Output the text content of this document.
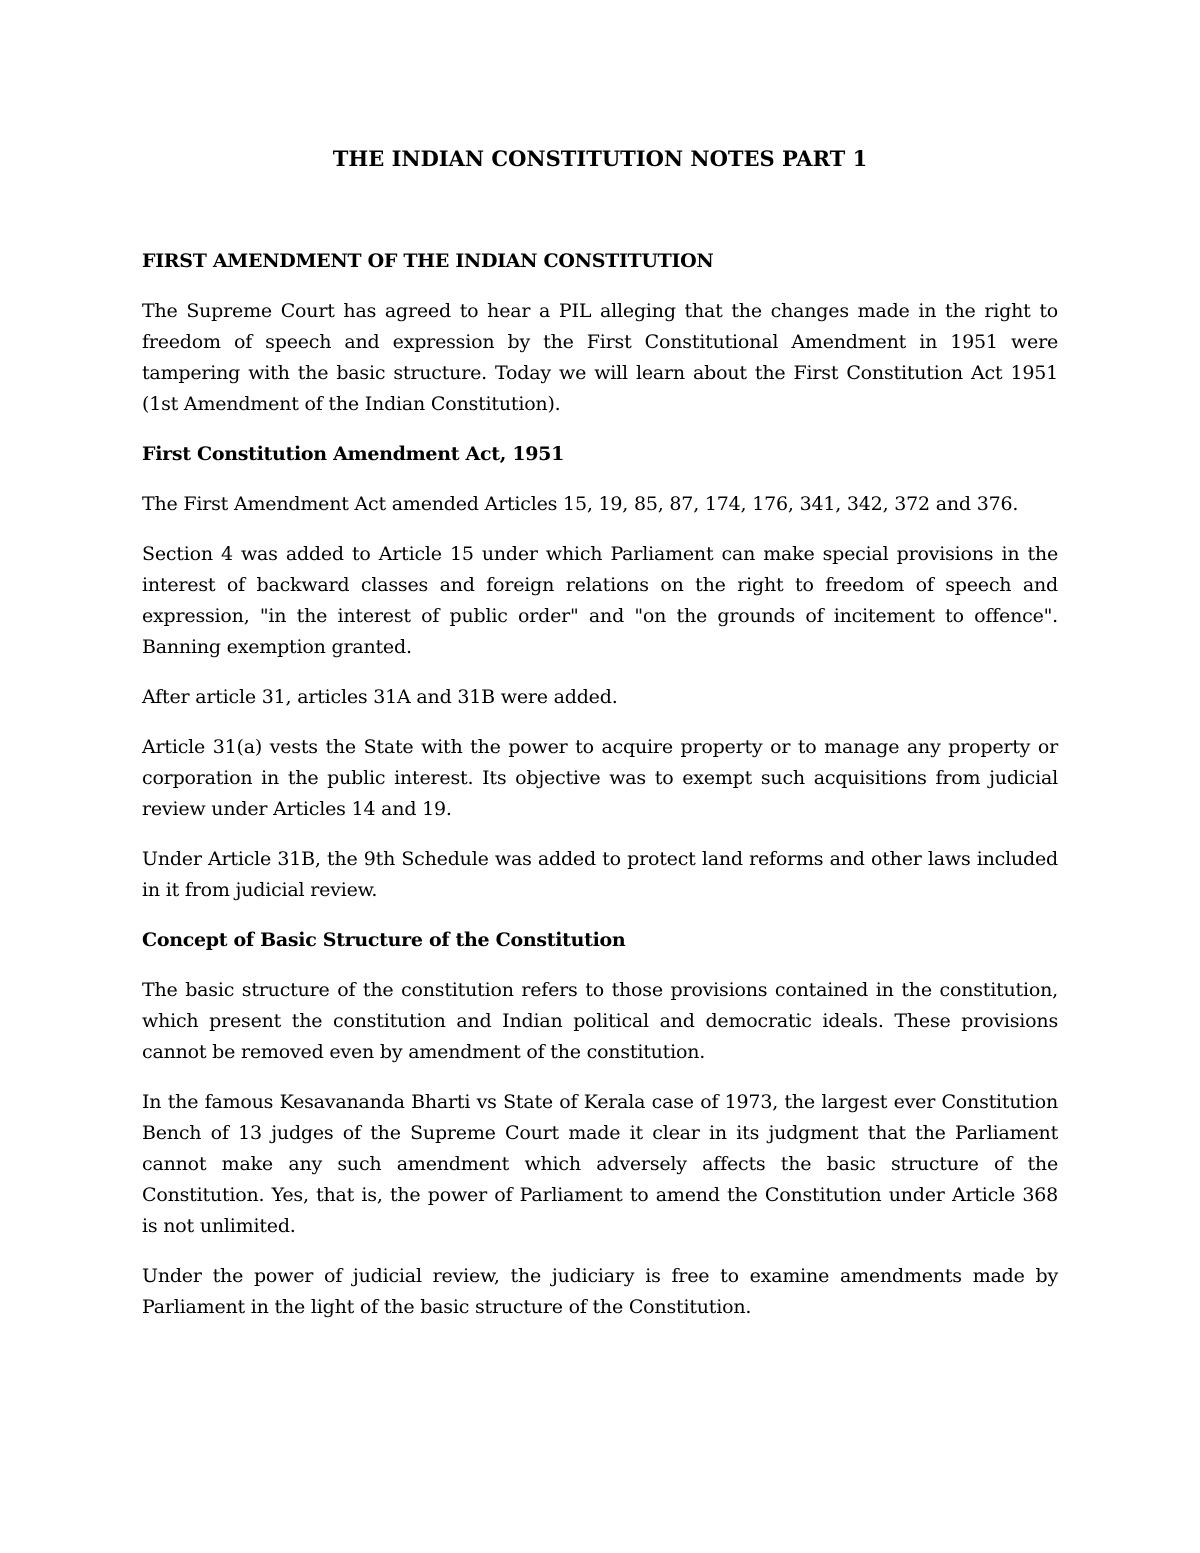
THE INDIAN CONSTITUTION NOTES PART 1

FIRST AMENDMENT OF THE INDIAN CONSTITUTION

The Supreme Court has agreed to hear a PIL alleging that the changes made in the right to freedom of speech and expression by the First Constitutional Amendment in 1951 were tampering with the basic structure. Today we will learn about the First Constitution Act 1951 (1st Amendment of the Indian Constitution).

First Constitution Amendment Act, 1951

The First Amendment Act amended Articles 15, 19, 85, 87, 174, 176, 341, 342, 372 and 376.

Section 4 was added to Article 15 under which Parliament can make special provisions in the interest of backward classes and foreign relations on the right to freedom of speech and expression, "in the interest of public order" and "on the grounds of incitement to offence". Banning exemption granted.

After article 31, articles 31A and 31B were added.

Article 31(a) vests the State with the power to acquire property or to manage any property or corporation in the public interest. Its objective was to exempt such acquisitions from judicial review under Articles 14 and 19.

Under Article 31B, the 9th Schedule was added to protect land reforms and other laws included in it from judicial review.

Concept of Basic Structure of the Constitution

The basic structure of the constitution refers to those provisions contained in the constitution, which present the constitution and Indian political and democratic ideals. These provisions cannot be removed even by amendment of the constitution.

In the famous Kesavananda Bharti vs State of Kerala case of 1973, the largest ever Constitution Bench of 13 judges of the Supreme Court made it clear in its judgment that the Parliament cannot make any such amendment which adversely affects the basic structure of the Constitution. Yes, that is, the power of Parliament to amend the Constitution under Article 368 is not unlimited.

Under the power of judicial review, the judiciary is free to examine amendments made by Parliament in the light of the basic structure of the Constitution.
